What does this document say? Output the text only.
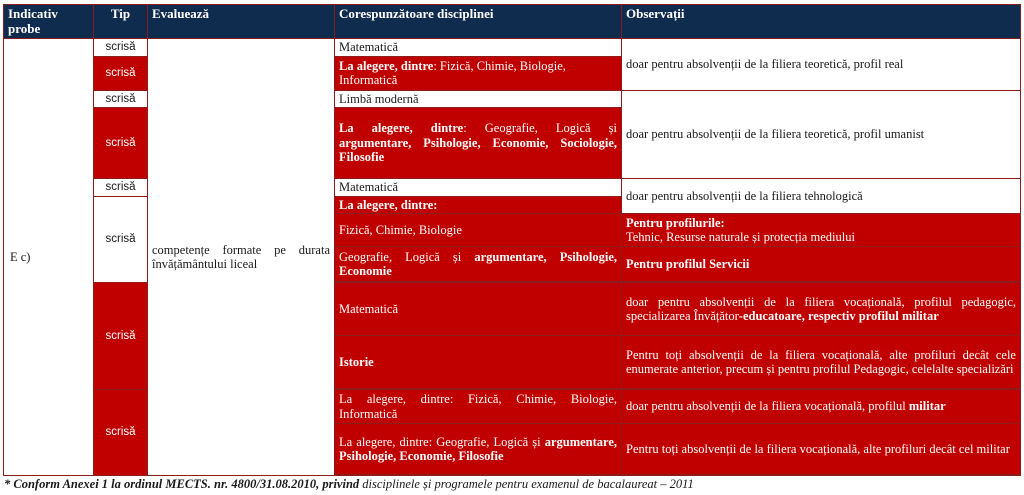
Indicativ probe	Tip	Evaluează	Corespunzătoare disciplinei	Observații
E c)	scrisă	competențe formate pe durata învățământului liceal	Matematică	doar pentru absolvenții de la filiera teoretică, profil real
	scrisă		La alegere, dintre: Fizică, Chimie, Biologie, Informatică	
	scrisă		Limbă modernă	doar pentru absolvenții de la filiera teoretică, profil umanist
	scrisă		La alegere, dintre: Geografie, Logică și argumentare, Psihologie, Economie, Sociologie, Filosofie	
	scrisă		Matematică	doar pentru absolvenții de la filiera tehnologică
	scrisă		La alegere, dintre:	
			Fizică, Chimie, Biologie	Pentru profilurile:
Tehnic, Resurse naturale și protecția mediului
			Geografie, Logică și argumentare, Psihologie, Economie	Pentru profilul Servicii

	scrisă		Matematică	doar pentru absolvenții de la filiera vocațională, profilul pedagogic, specializarea Învățător-educatoare, respectiv profilul militar
			Istorie	Pentru toți absolvenții de la filiera vocațională, alte profiluri decât cele enumerate anterior, precum și pentru profilul Pedagogic, celelalte specializări

	scrisă		La alegere, dintre: Fizică, Chimie, Biologie, Informatică	doar pentru absolvenții de la filiera vocațională, profilul militar
			La alegere, dintre: Geografie, Logică și argumentare, Psihologie, Economie, Filosofie	Pentru toți absolvenții de la filiera vocațională, alte profiluri decât cel militar

* Conform Anexei 1 la ordinul MECTS. nr. 4800/31.08.2010, privind disciplinele și programele pentru examenul de bacalaureat – 2011
